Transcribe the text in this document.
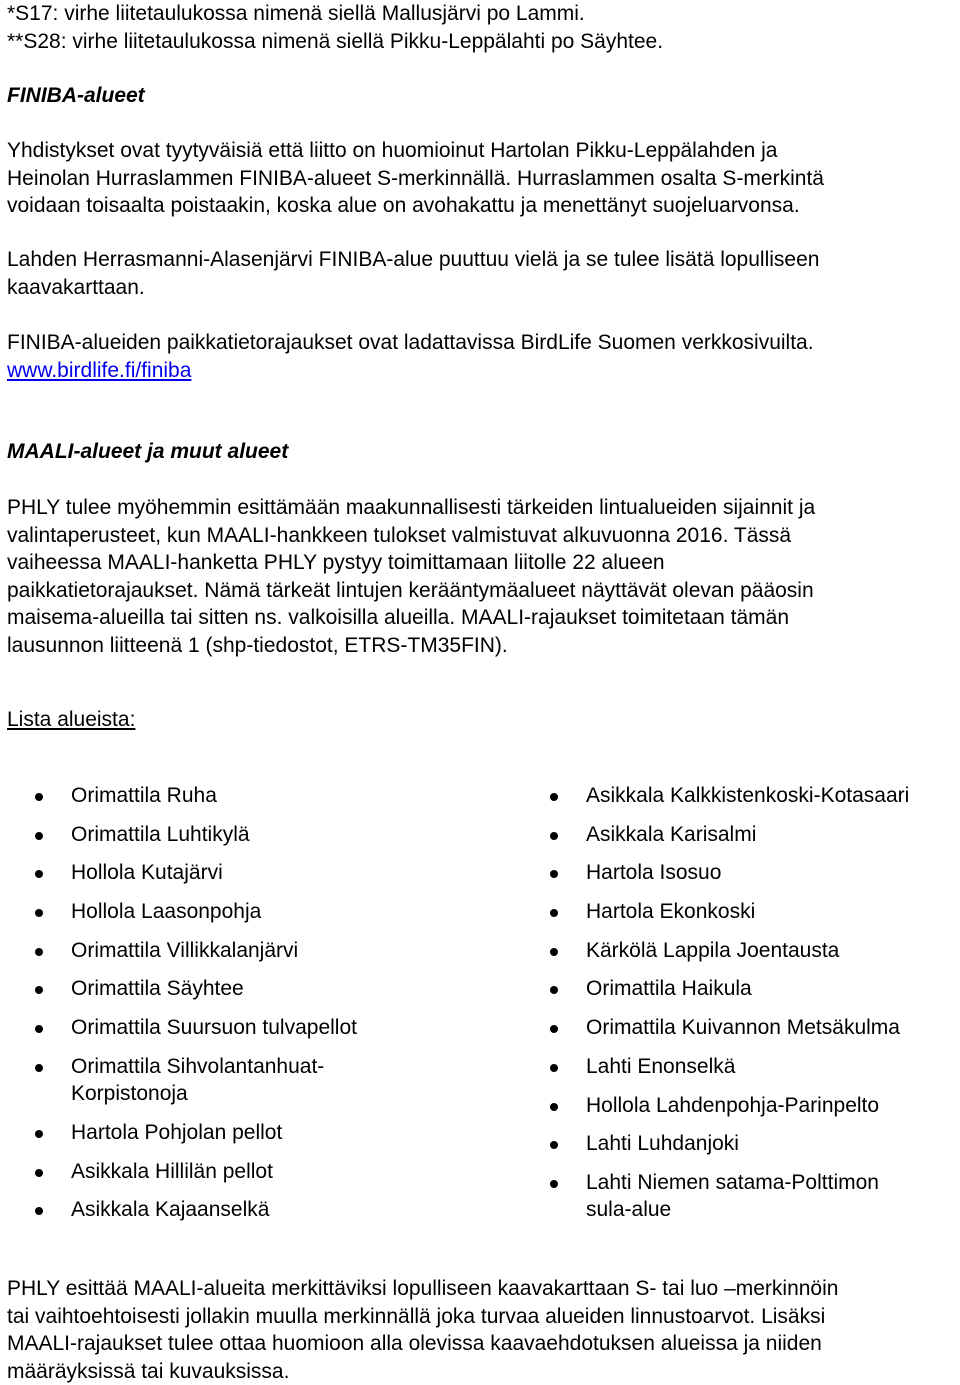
*S17: virhe liitetaulukossa nimenä siellä Mallusjärvi po Lammi.
**S28: virhe liitetaulukossa nimenä siellä Pikku-Leppälahti po Säyhtee.
FINIBA-alueet
Yhdistykset ovat tyytyväisiä että liitto on huomioinut Hartolan Pikku-Leppälahden ja
Heinolan Hurraslammen FINIBA-alueet S-merkinnällä. Hurraslammen osalta S-merkintä
voidaan toisaalta poistaakin, koska alue on avohakattu ja menettänyt suojeluarvonsa.
Lahden Herrasmanni-Alasenjärvi FINIBA-alue puuttuu vielä ja se tulee lisätä lopulliseen
kaavakarttaan.
FINIBA-alueiden paikkatietorajaukset ovat ladattavissa BirdLife Suomen verkkosivuilta.
www.birdlife.fi/finiba
MAALI-alueet ja muut alueet
PHLY tulee myöhemmin esittämään maakunnallisesti tärkeiden lintualueiden sijainnit ja
valintaperusteet, kun MAALI-hankkeen tulokset valmistuvat alkuvuonna 2016. Tässä
vaiheessa MAALI-hanketta PHLY pystyy toimittamaan liitolle 22 alueen
paikkatietorajaukset. Nämä tärkeät lintujen kerääntymäalueet näyttävät olevan pääosin
maisema-alueilla tai sitten ns. valkoisilla alueilla. MAALI-rajaukset toimitetaan tämän
lausunnon liitteenä 1 (shp-tiedostot, ETRS-TM35FIN).
Lista alueista:
Orimattila Ruha
Orimattila Luhtikylä
Hollola Kutajärvi
Hollola Laasonpohja
Orimattila Villikkalanjärvi
Orimattila Säyhtee
Orimattila Suursuon tulvapellot
Orimattila Sihvolantanhuat-
Korpistonoja
Hartola Pohjolan pellot
Asikkala Hillilän pellot
Asikkala Kajaanselkä
Asikkala Kalkkistenkoski-Kotasaari
Asikkala Karisalmi
Hartola Isosuo
Hartola Ekonkoski
Kärkölä Lappila Joentausta
Orimattila Haikula
Orimattila Kuivannon Metsäkulma
Lahti Enonselkä
Hollola Lahdenpohja-Parinpelto
Lahti Luhdanjoki
Lahti Niemen satama-Polttimon
sula-alue
PHLY esittää MAALI-alueita merkittäviksi lopulliseen kaavakarttaan S- tai luo –merkinnöin
tai vaihtoehtoisesti jollakin muulla merkinnällä joka turvaa alueiden linnustoarvot. Lisäksi
MAALI-rajaukset tulee ottaa huomioon alla olevissa kaavaehdotuksen alueissa ja niiden
määräyksissä tai kuvauksissa.
